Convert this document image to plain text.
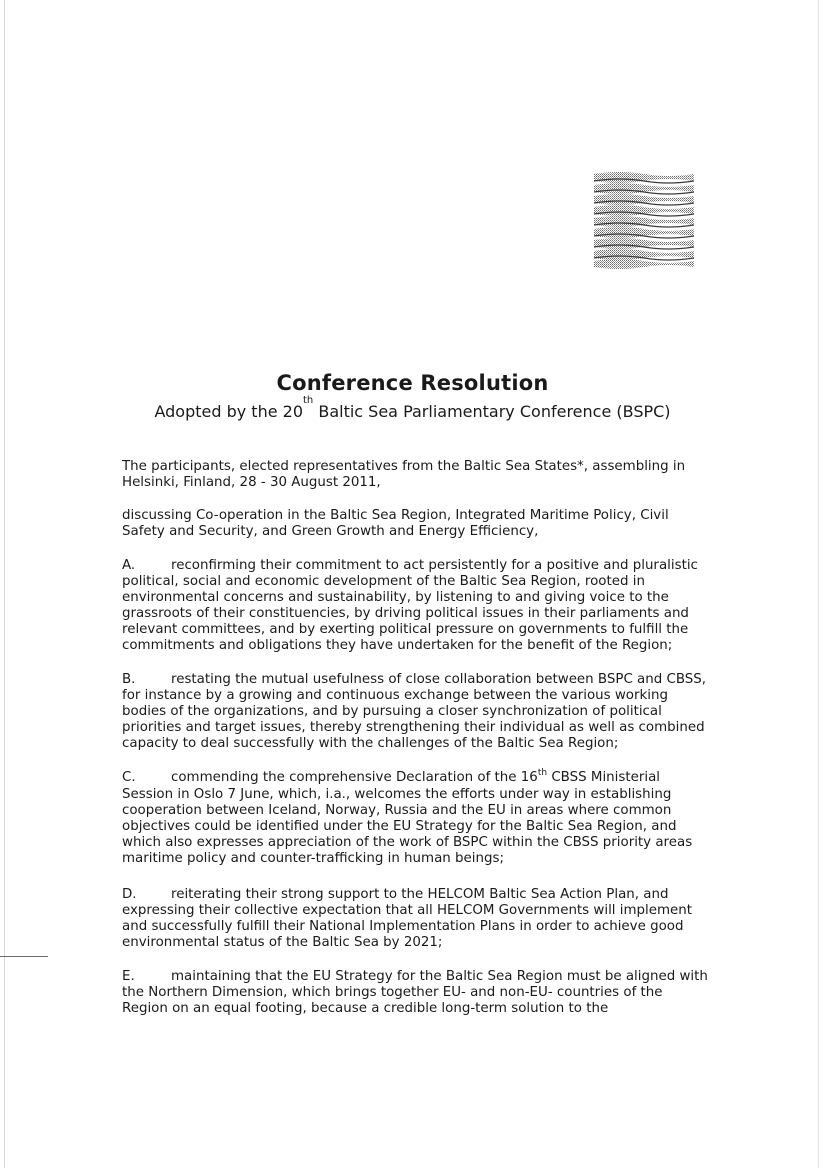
Conference Resolution
Adopted by the 20th Baltic Sea Parliamentary Conference (BSPC)

The participants, elected representatives from the Baltic Sea States*, assembling in Helsinki, Finland, 28 - 30 August 2011,

discussing Co-operation in the Baltic Sea Region, Integrated Maritime Policy, Civil Safety and Security, and Green Growth and Energy Efficiency,

A.	reconfirming their commitment to act persistently for a positive and pluralistic political, social and economic development of the Baltic Sea Region, rooted in environmental concerns and sustainability, by listening to and giving voice to the grassroots of their constituencies, by driving political issues in their parliaments and relevant committees, and by exerting political pressure on governments to fulfill the commitments and obligations they have undertaken for the benefit of the Region;

B.	restating the mutual usefulness of close collaboration between BSPC and CBSS, for instance by a growing and continuous exchange between the various working bodies of the organizations, and by pursuing a closer synchronization of political priorities and target issues, thereby strengthening their individual as well as combined capacity to deal successfully with the challenges of the Baltic Sea Region;

C.	commending the comprehensive Declaration of the 16th CBSS Ministerial Session in Oslo 7 June, which, i.a., welcomes the efforts under way in establishing cooperation between Iceland, Norway, Russia and the EU in areas where common objectives could be identified under the EU Strategy for the Baltic Sea Region, and which also expresses appreciation of the work of BSPC within the CBSS priority areas maritime policy and counter-trafficking in human beings;

D.	reiterating their strong support to the HELCOM Baltic Sea Action Plan, and expressing their collective expectation that all HELCOM Governments will implement and successfully fulfill their National Implementation Plans in order to achieve good environmental status of the Baltic Sea by 2021;

E.	maintaining that the EU Strategy for the Baltic Sea Region must be aligned with the Northern Dimension, which brings together EU- and non-EU- countries of the Region on an equal footing, because a credible long-term solution to the
